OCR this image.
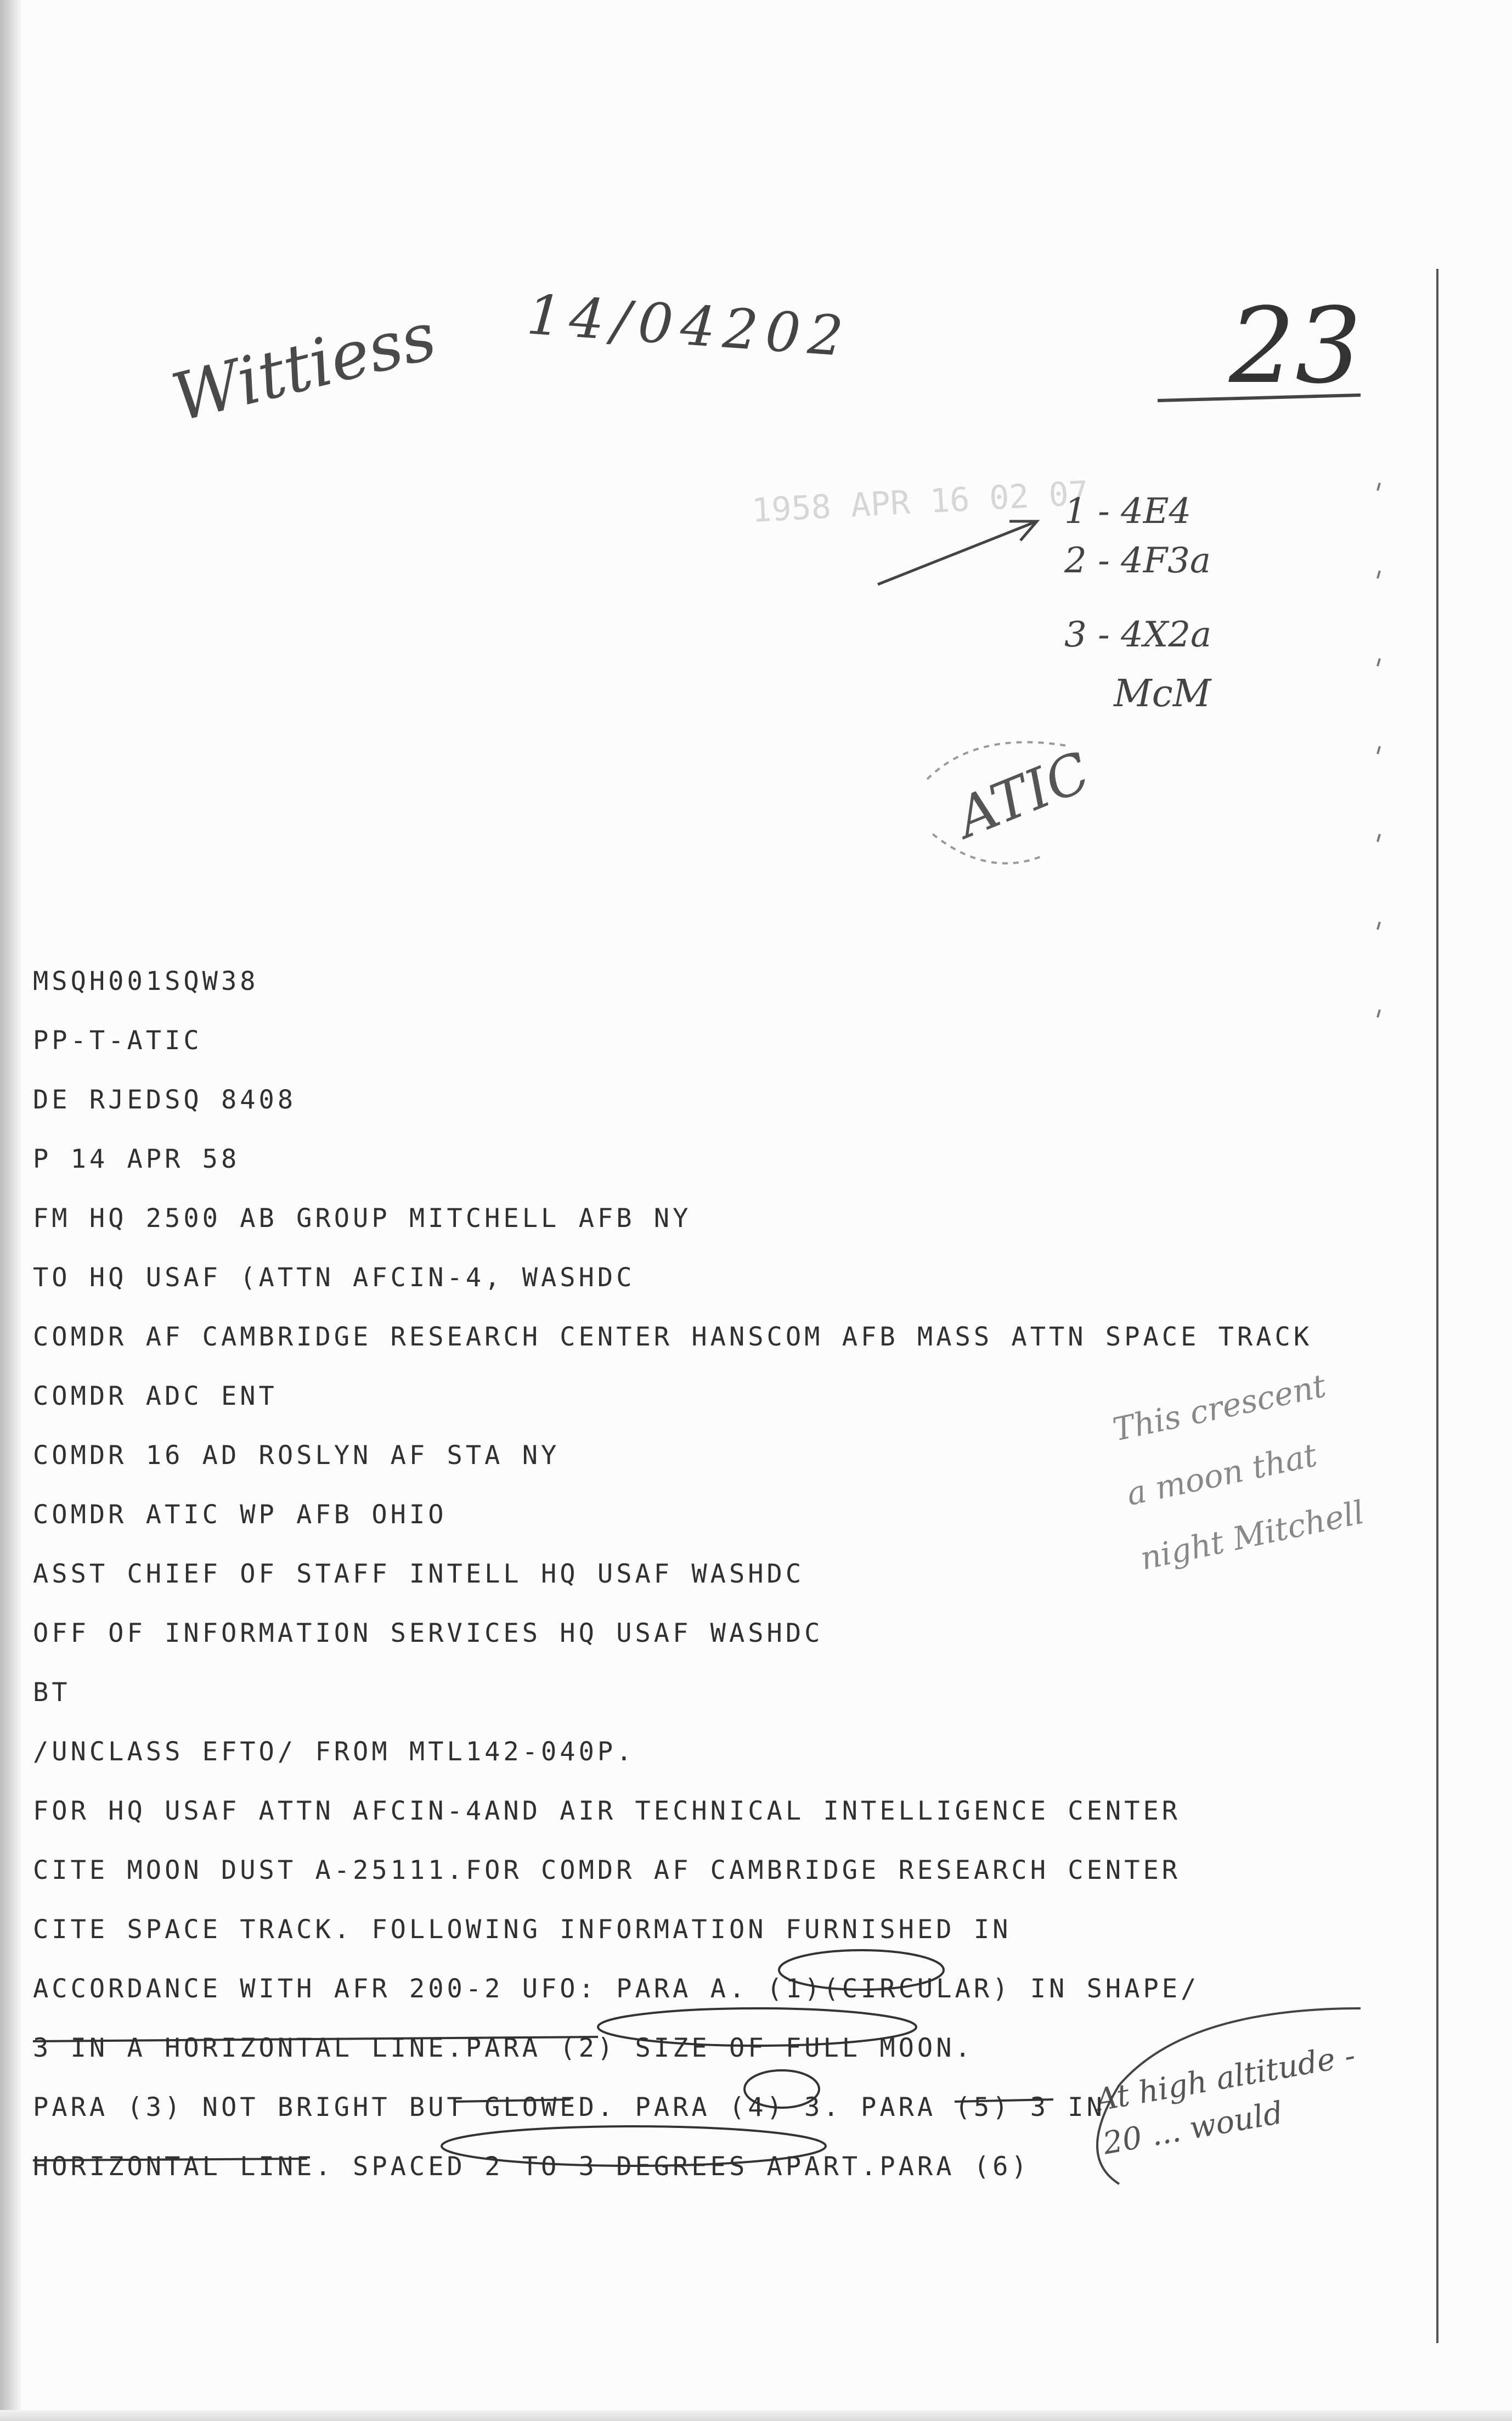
Wittiess 14/04202	23
1958 APR 16 02 07
1 - 4E4
2 - 4F3a
3 - 4X2a
McM
ATIC
This crescent a moon that night Mitchell
At high altitude - 20 ... would
MSQH001SQW38
PP-T-ATIC
DE RJEDSQ 8408
P 14 APR 58
FM HQ 2500 AB GROUP MITCHELL AFB NY
TO HQ USAF (ATTN AFCIN-4, WASHDC
COMDR AF CAMBRIDGE RESEARCH CENTER HANSCOM AFB MASS ATTN SPACE TRACK
COMDR ADC ENT
COMDR 16 AD ROSLYN AF STA NY
COMDR ATIC WP AFB OHIO
ASST CHIEF OF STAFF INTELL HQ USAF WASHDC
OFF OF INFORMATION SERVICES HQ USAF WASHDC
BT
/UNCLASS EFTO/ FROM MTL142-040P.
FOR HQ USAF ATTN AFCIN-4AND AIR TECHNICAL INTELLIGENCE CENTER
CITE MOON DUST A-25111.FOR COMDR AF CAMBRIDGE RESEARCH CENTER
CITE SPACE TRACK. FOLLOWING INFORMATION FURNISHED IN
ACCORDANCE WITH AFR 200-2 UFO: PARA A. (1)(CIRCULAR) IN SHAPE/
3 IN A HORIZONTAL LINE.PARA (2) SIZE OF FULL MOON.
PARA (3) NOT BRIGHT BUT GLOWED. PARA (4) 3. PARA (5) 3 IN
HORIZONTAL LINE. SPACED 2 TO 3 DEGREES APART.PARA (6)
